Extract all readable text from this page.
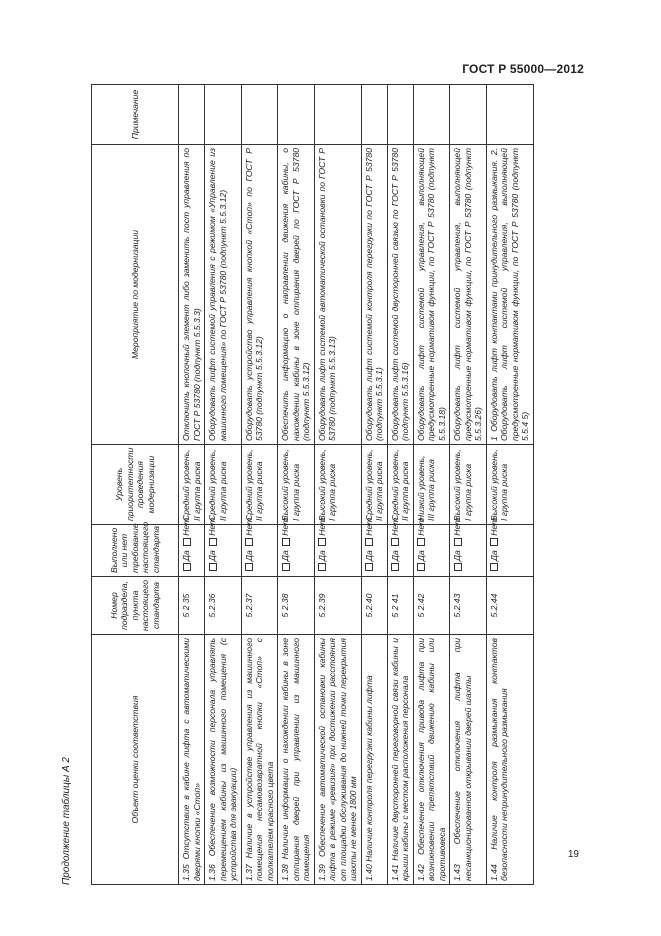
ГОСТ Р 55000—2012
Продолжение таблицы А 2	Объект оценки соответствия	Номер подраздела, пункта настоящего стандарта	Выполнено или нет требование настоящего стандарта	Уровень приоритетности проведения модернизации	Мероприятие по модернизации	Примечание
1.35 Отсутствие в кабине лифта с автоматическими дверями кнопки «Стоп»	5 2 35	Да Нет	Средний уровень, II группа риска	Отключить кнопочный элемент либо заменить пост управления по ГОСТ Р 53780 (подпункт 5.5.3.3)	
1.36 Обеспечение возможности персонала управлять перемещением кабины из машинного помещения (с устройства для эвакуации)	5.2.36	Да Нет	Средний уровень, II группа риска	Оборудовать лифт системой управления с режимом «Управление из машинного помещения» по ГОСТ Р 53780 (подпункт 5.5.3.12)	
1.37 Наличие в устройстве управления из машинного помещения несамовозвратной кнопки «Стоп» с толкателем красного цвета	5.2.37	Да Нет	Средний уровень, II группа риска	Оборудовать устройство управления кнопкой «Стоп» по ГОСТ Р 53780 (подпункт 5.5.3.12)	
1.38 Наличие информации о нахождении кабины в зоне отпирания дверей при управлении из машинного помещения	5 2.38	Да Нет	Высокий уровень, I группа риска	Обеспечить информацию о направлении движения кабины, о нахождении кабины в зоне отпирания дверей по ГОСТ Р 53780 (подпункт 5.5.3.12)	
1.39 Обеспечение автоматической остановки кабины лифта в режиме «ревизия» при достижении расстояния от площадки обслуживания до нижней точки перекрытия шахты не менее 1800 мм	5.2.39	Да Нет	Высокий уровень, I группа риска	Оборудовать лифт системой автоматической остановки по ГОСТ Р 53780 (подпункт 5.5.3.13)	
1.40 Наличие контроля перегрузки кабины лифта	5.2.40	Да Нет	Средний уровень, II группа риска	Оборудовать лифт системой контроля перегрузки по ГОСТ Р 53780 (подпункт 5.5.3.1)	
1.41 Наличие двусторонней переговорной связи кабины и крыши кабины с местом расположения персонала	5 2 41	Да Нет	Средний уровень, II группа риска	Оборудовать лифт системой двусторонней связью по ГОСТ Р 53780 (подпункт 5.5.3.16)	
1.42 Обеспечение отключения привода лифта при возникновении препятствий движению кабины или противовеса	5 2.42	Да Нет	Низкий уровень, III группа риска	Оборудовать лифт системой управления, выполняющей предусмотренные нормативом функции, по ГОСТ Р 53780 (подпункт 5.5.3.18)	
1.43 Обеспечение отключения лифта при несанкционированном открывании дверей шахты	5.2.43	Да Нет	Высокий уровень, I группа риска	Оборудовать лифт системой управления, выполняющей предусмотренные нормативом функции, по ГОСТ Р 53780 (подпункт 5.5.3.26)	
1.44 Наличие контроля размыкания контактов безопасности непринудительного размыкания	5.2.44	Да Нет	Высокий уровень, I группа риска	1 Оборудовать лифт контактами принудительного размыкания. 2. Оборудовать лифт системой управления, выполняющей предусмотренные нормативом функции, по ГОСТ Р 53780 (подпункт 5.5.4 5)	
19
